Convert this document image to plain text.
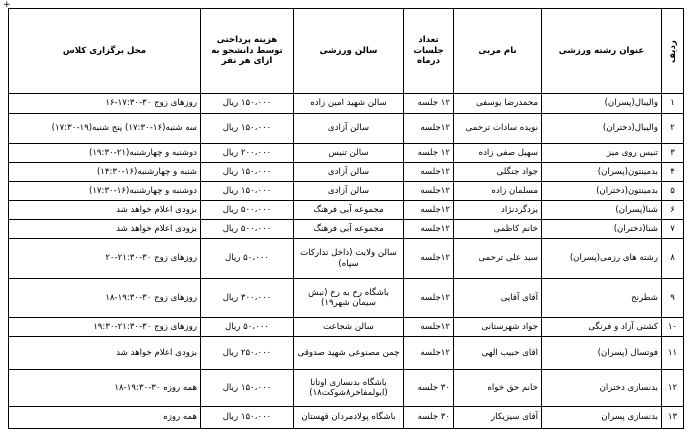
+
ردیف	عنوان رشته ورزشی	نام مربی	تعداد جلسات درماه	سالن ورزشی	هزینه پرداختی توسط دانشجو به ازای هر نفر	محل برگزاری کلاس
۱	والیبال(پسران)	محمدرضا یوسفی	۱۲ جلسه	سالن شهید امین زاده	۱۵۰،۰۰۰ ریال	روزهای زوج ۳۰-۱۷:۳۰-۱۶
۲	والیبال(دختران)	نویده سادات ترحمی	۱۲جلسه	سالن آزادی	۱۵۰،۰۰۰ ریال	سه شنبه(۱۶-۱۷:۳۰) پنج شنبه(۱۹-۱۷:۳۰)
۳	تنیس روی میز	سهیل صفی زاده	۱۲ جلسه	سالن تنیس	۲۰۰،۰۰۰ ریال	دوشنبه و چهارشنبه(۲۱-۱۹:۳۰)
۴	بدمینتون(پسران)	جواد جنگلی	۱۲جلسه	سالن آزادی	۱۵۰،۰۰۰ ریال	شنبه و چهارشنبه(۱۶-۱۴:۳۰)
۵	بدمینتون(دختران)	مسلمان زاده	۱۲جلسه	سالن آزادی	۱۵۰،۰۰۰ ریال	دوشنبه و چهارشنبه(۱۶-۱۷:۳۰)
۶	شنا(پسران)	یزدگردنژاد	۱۲جلسه	مجموعه آبی فرهنگ	۵۰۰،۰۰۰ ریال	بزودی اعلام خواهد شد
۷	شنا(دختران)	خانم کاظمی	۱۲جلسه	مجموعه آبی فرهنگ	۵۰۰،۰۰۰ ریال	بزودی اعلام خواهد شد
۸	رشته های رزمی(پسران)	سید علی ترحمی	۱۲جلسه	سالن ولایت (داخل تدارکات سپاه)	۵۰،۰۰۰ ریال	روزهای زوج ۳۰-۲۱:۳۰-۲۰
۹	شطرنج	آقای آقایی	۱۲جلسه	باشگاه رخ به رخ (نبش سیمان شهر۱۹)	۳۰۰،۰۰۰ ریال	روزهای زوج ۳۰-۱۹:۳۰-۱۸
۱۰	کشتی آزاد و فرنگی	جواد شهرستانی	۱۲جلسه	سالن شجاعت	۵۰،۰۰۰ ریال	روزهای زوج ۳۰-۲۱:۳۰-۱۹:۳۰
۱۱	فوتسال (پسران)	اقای حبیب الهی	۱۲جلسه	چمن مصنوعی شهید صدوقی	۲۵۰،۰۰۰ ریال	بزودی اعلام خواهد شد
۱۲	بدنسازی دختران	خانم حق خواه	۳۰ جلسه	باشگاه بدنسازی اوتانا (ابولمفاخر۸شوکت۱۸)	۱۵۰،۰۰۰ ریال	همه روزه ۳۰-۱۹:۳۰-۱۸
۱۳	بدنسازی پسران	آقای سیزیکار	۳۰ جلسه	باشگاه پولادمردان قهستان	۱۵۰،۰۰۰ ریال	همه روزه
